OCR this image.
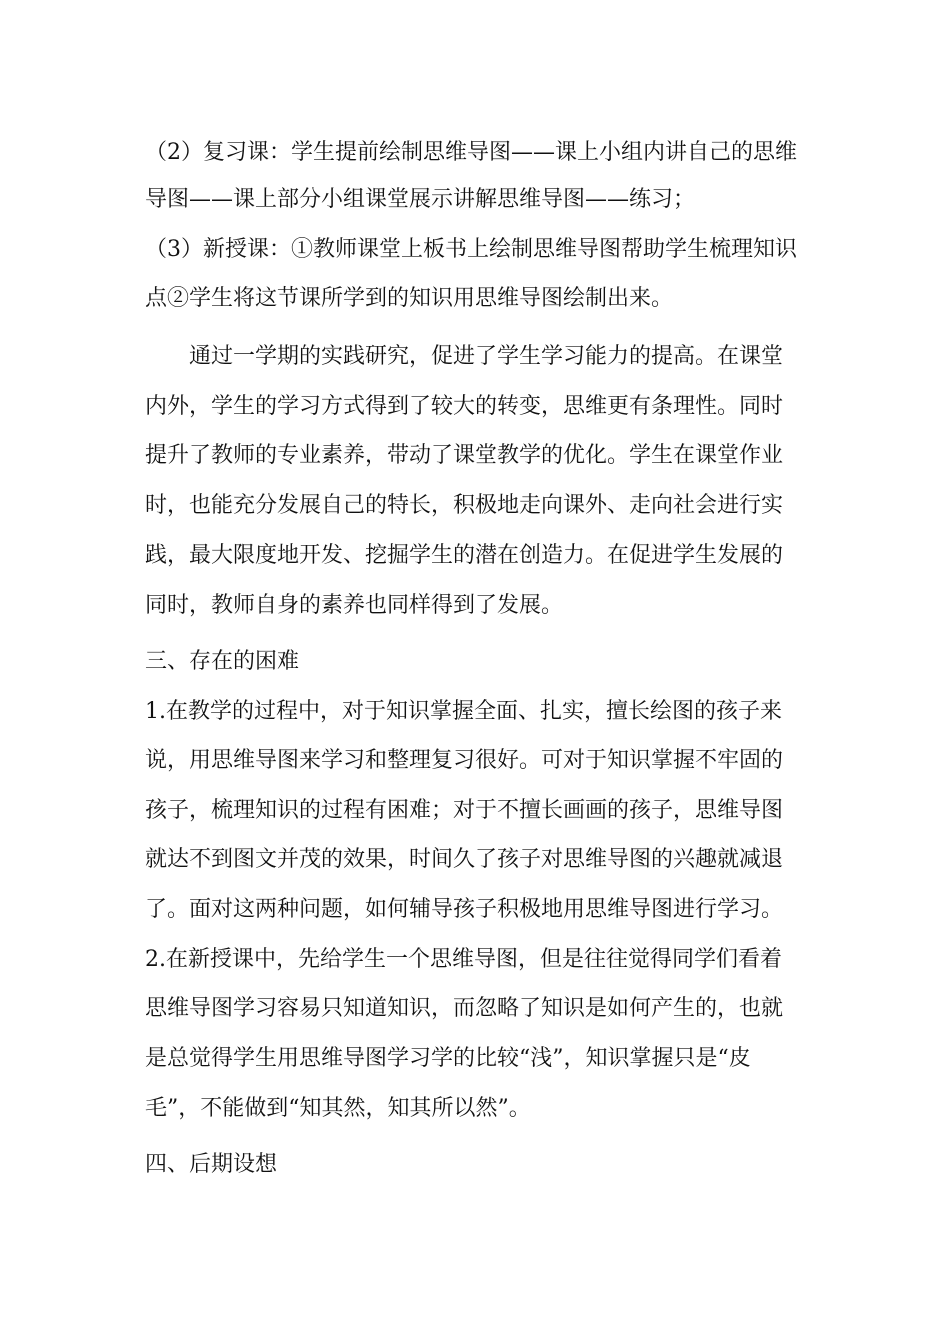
（2）复习课：学生提前绘制思维导图——课上小组内讲自己的思维
导图——课上部分小组课堂展示讲解思维导图——练习；
（3）新授课：①教师课堂上板书上绘制思维导图帮助学生梳理知识
点②学生将这节课所学到的知识用思维导图绘制出来。
　　通过一学期的实践研究，促进了学生学习能力的提高。在课堂
内外，学生的学习方式得到了较大的转变，思维更有条理性。同时
提升了教师的专业素养，带动了课堂教学的优化。学生在课堂作业
时，也能充分发展自己的特长，积极地走向课外、走向社会进行实
践，最大限度地开发、挖掘学生的潜在创造力。在促进学生发展的
同时，教师自身的素养也同样得到了发展。
三、存在的困难
1.在教学的过程中，对于知识掌握全面、扎实，擅长绘图的孩子来
说，用思维导图来学习和整理复习很好。可对于知识掌握不牢固的
孩子，梳理知识的过程有困难；对于不擅长画画的孩子，思维导图
就达不到图文并茂的效果，时间久了孩子对思维导图的兴趣就减退
了。面对这两种问题，如何辅导孩子积极地用思维导图进行学习。
2.在新授课中，先给学生一个思维导图，但是往往觉得同学们看着
思维导图学习容易只知道知识，而忽略了知识是如何产生的，也就
是总觉得学生用思维导图学习学的比较“浅”，知识掌握只是“皮
毛”，不能做到“知其然，知其所以然”。
四、后期设想
